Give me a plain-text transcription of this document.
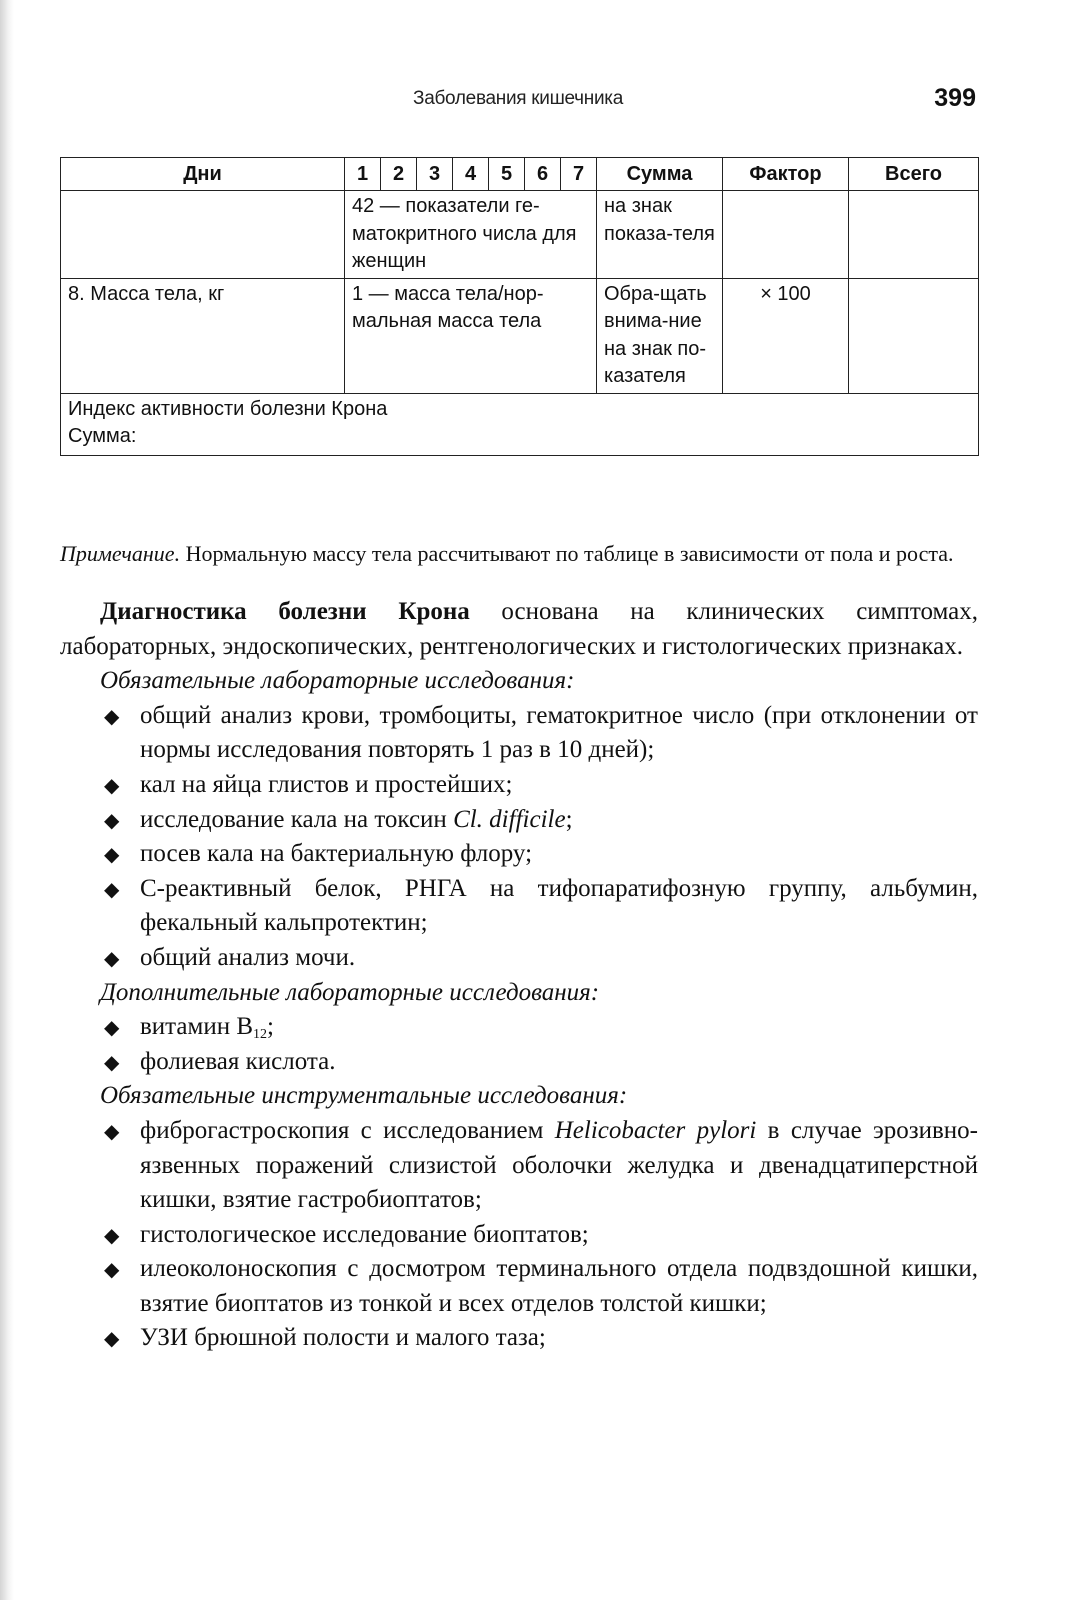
Заболевания кишечника	399
Дни	1	2	3	4	5	6	7	Сумма	Фактор	Всего
	42 — показатели ге-матокритного числа для женщин							на знак показа-теля		
8. Масса тела, кг	1 — масса тела/нор-мальная масса тела							Обра-щать внима-ние на знак по-казателя	× 100	

Индекс активности болезни Крона
Сумма:										

Примечание. Нормальную массу тела рассчитывают по таблице в зависимости от пола и роста.

Диагностика болезни Крона основана на клинических симптомах, лабораторных, эндоскопических, рентгенологических и гистологических признаках.

Обязательные лабораторные исследования:

◆ общий анализ крови, тромбоциты, гематокритное число (при отклонении от нормы исследования повторять 1 раз в 10 дней);
◆ кал на яйца глистов и простейших;
◆ исследование кала на токсин Cl. difficile;
◆ посев кала на бактериальную флору;
◆ С-реактивный белок, РНГА на тифопаратифозную группу, альбумин, фекальный кальпротектин;
◆ общий анализ мочи.

Дополнительные лабораторные исследования:

◆ витамин $B_{12}$;
◆ фолиевая кислота.

Обязательные инструментальные исследования:

◆ фиброгастроскопия с исследованием Helicobacter pylori в случае эрозивно-язвенных поражений слизистой оболочки желудка и двенадцатиперстной кишки, взятие гастробиоптатов;
◆ гистологическое исследование биоптатов;
◆ илеоколоноскопия с досмотром терминального отдела подвздошной кишки, взятие биоптатов из тонкой и всех отделов толстой кишки;
◆ УЗИ брюшной полости и малого таза;
